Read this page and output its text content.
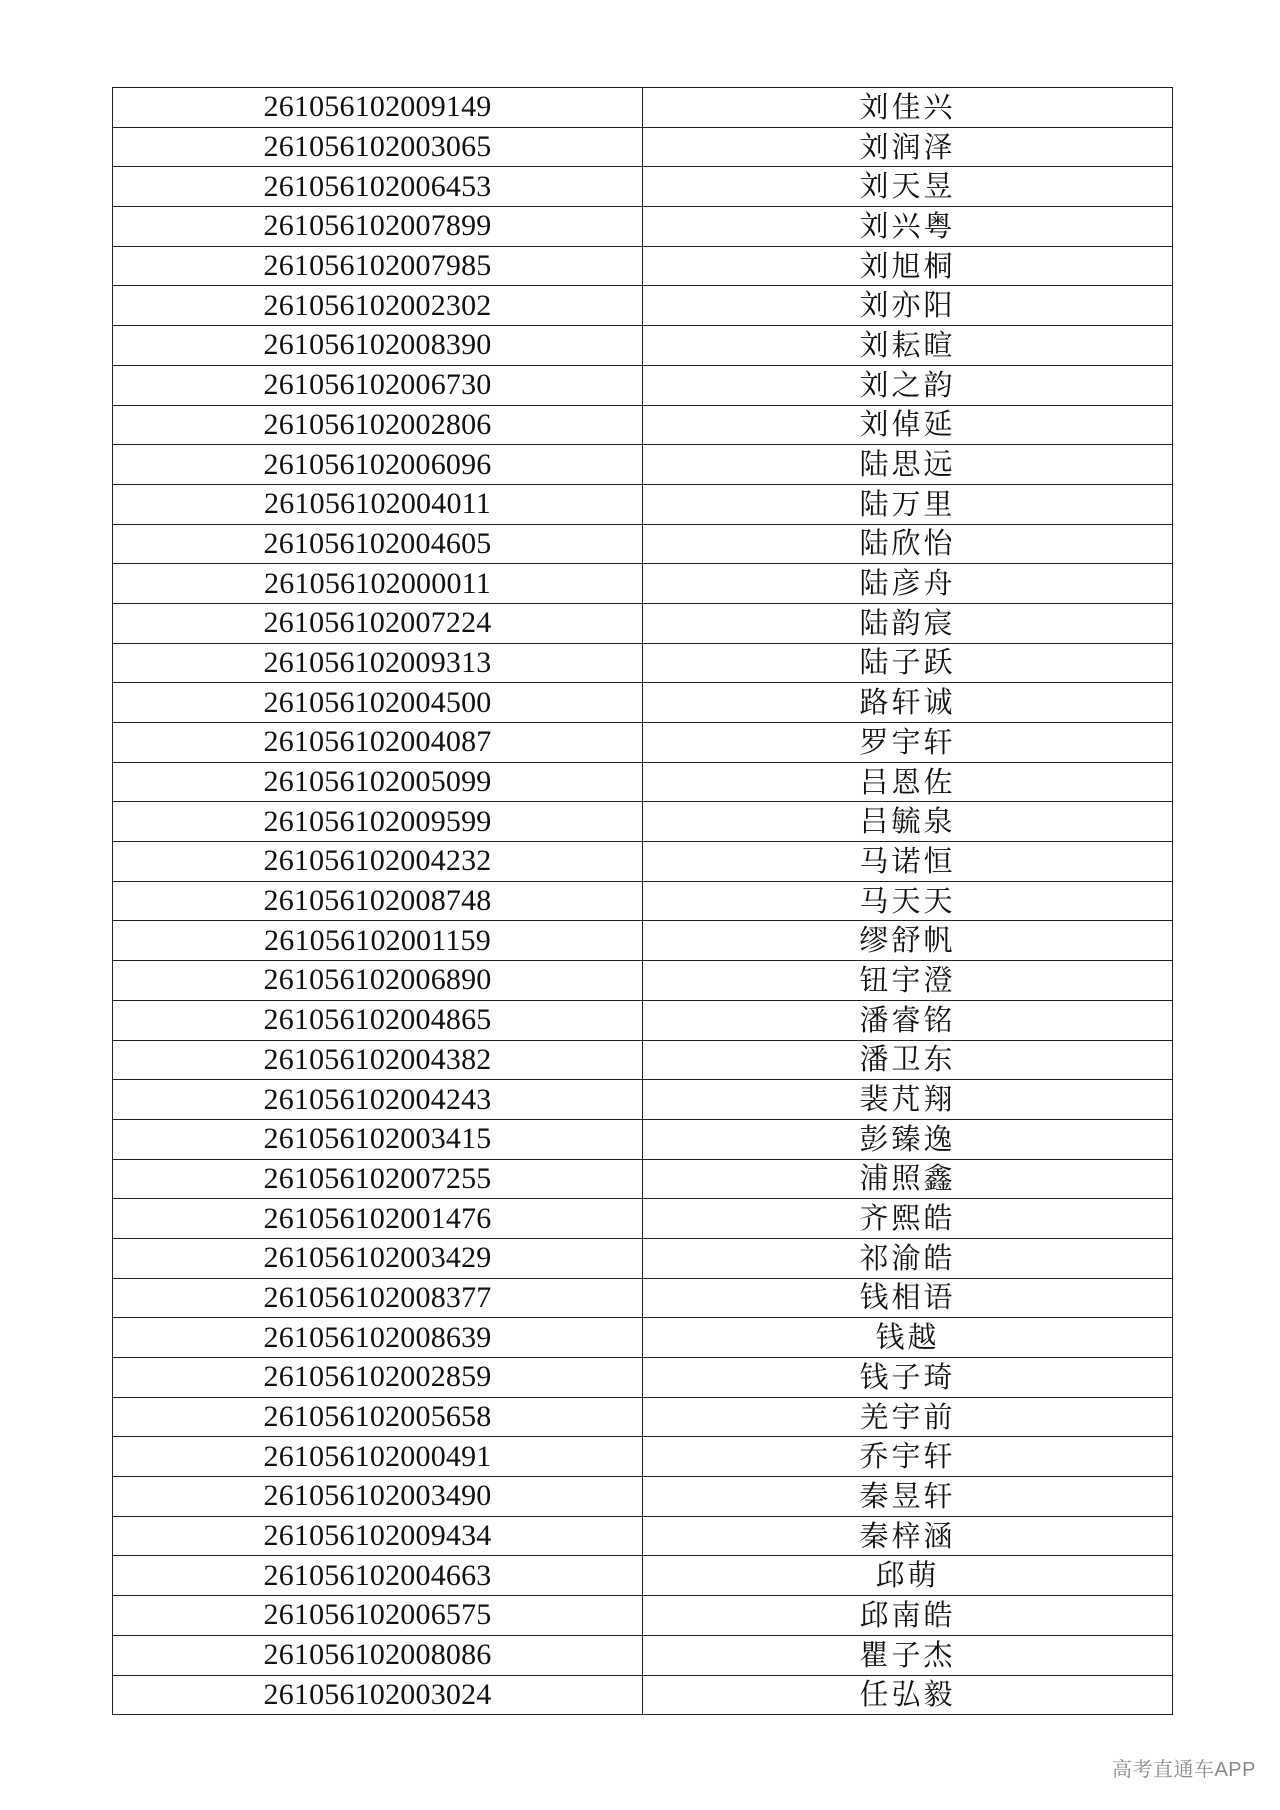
261056102009149	刘佳兴
261056102003065	刘润泽
261056102006453	刘天昱
261056102007899	刘兴粤
261056102007985	刘旭桐
261056102002302	刘亦阳
261056102008390	刘耘暄
261056102006730	刘之韵
261056102002806	刘倬延
261056102006096	陆思远
261056102004011	陆万里
261056102004605	陆欣怡
261056102000011	陆彦舟
261056102007224	陆韵宸
261056102009313	陆子跃
261056102004500	路轩诚
261056102004087	罗宇轩
261056102005099	吕恩佐
261056102009599	吕毓泉
261056102004232	马诺恒
261056102008748	马天天
261056102001159	缪舒帆
261056102006890	钮宇澄
261056102004865	潘睿铭
261056102004382	潘卫东
261056102004243	裴芃翔
261056102003415	彭臻逸
261056102007255	浦照鑫
261056102001476	齐熙皓
261056102003429	祁渝皓
261056102008377	钱相语
261056102008639	钱越
261056102002859	钱子琦
261056102005658	羌宇前
261056102000491	乔宇轩
261056102003490	秦昱轩
261056102009434	秦梓涵
261056102004663	邱萌
261056102006575	邱南皓
261056102008086	瞿子杰
261056102003024	任弘毅
高考直通车APP
